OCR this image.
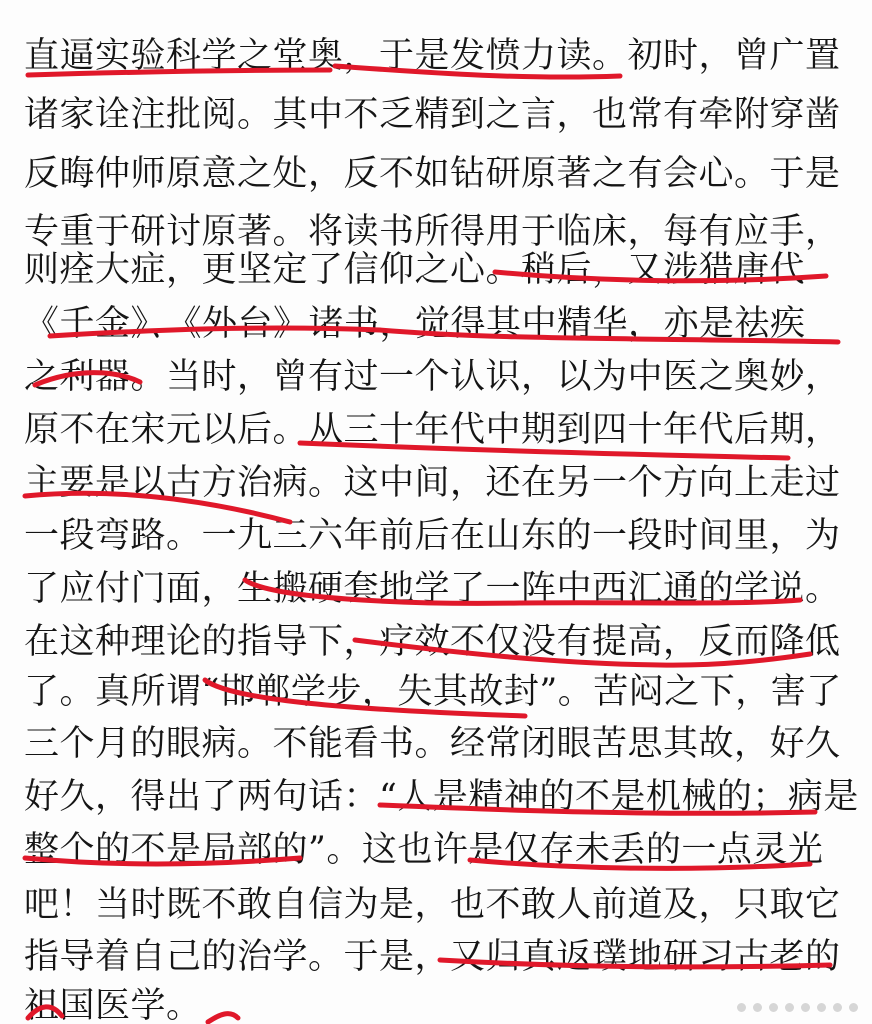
直逼实验科学之堂奥，于是发愤力读。初时，曾广置
诸家诠注批阅。其中不乏精到之言，也常有牵附穿凿
反晦仲师原意之处，反不如钻研原著之有会心。于是
专重于研讨原著。将读书所得用于临床，每有应手，
则痊大症，更坚定了信仰之心。稍后，又涉猎唐代
《千金》、《外台》诸书，觉得其中精华，亦是祛疾
之利器。当时，曾有过一个认识，以为中医之奥妙，
原不在宋元以后。从三十年代中期到四十年代后期，
主要是以古方治病。这中间，还在另一个方向上走过
一段弯路。一九三六年前后在山东的一段时间里，为
了应付门面，生搬硬套地学了一阵中西汇通的学说。
在这种理论的指导下，疗效不仅没有提高，反而降低
了。真所谓“邯郸学步，失其故封”。苦闷之下，害了
三个月的眼病。不能看书。经常闭眼苦思其故，好久
好久，得出了两句话：“人是精神的不是机械的；病是
整个的不是局部的”。这也许是仅存未丢的一点灵光
吧！当时既不敢自信为是，也不敢人前道及，只取它
指导着自己的治学。于是，又归真返璞地研习古老的
祖国医学。
